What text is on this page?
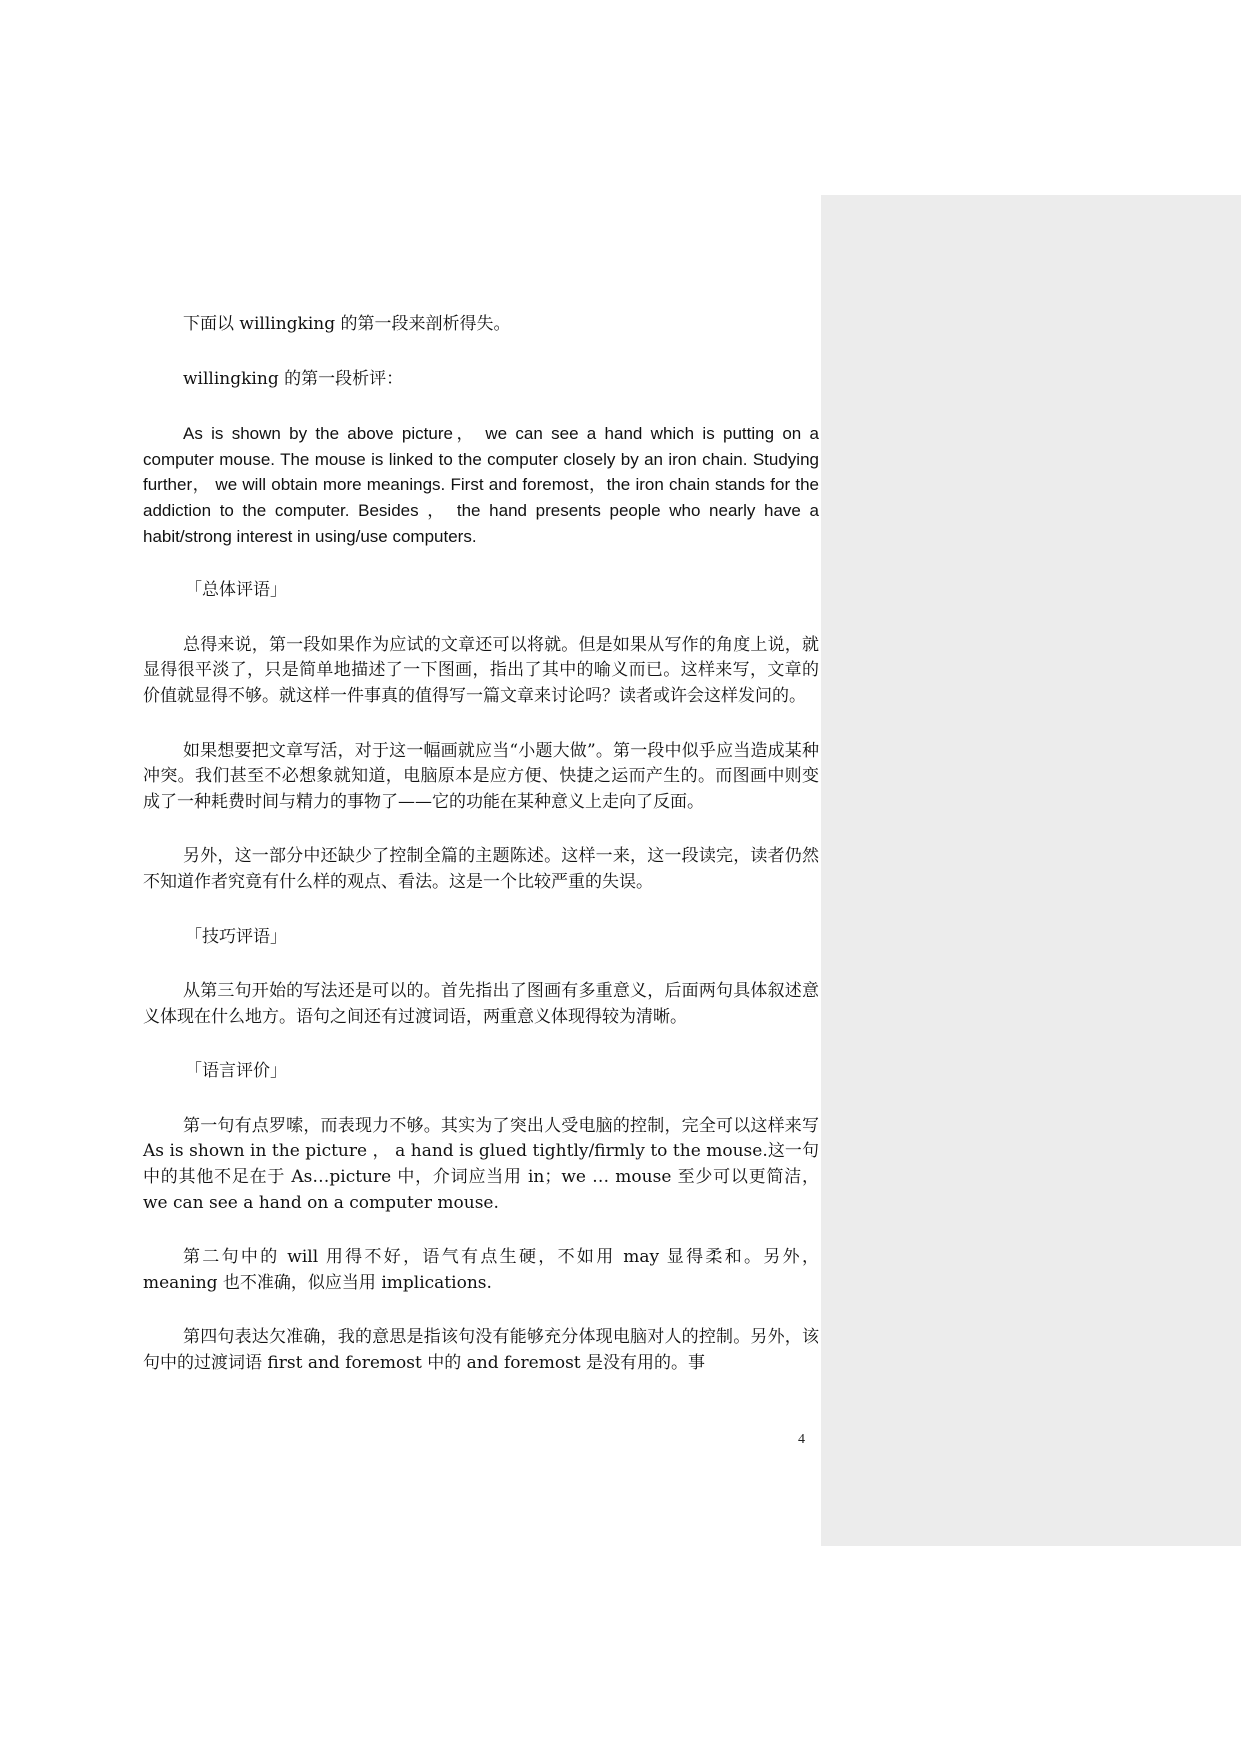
下面以 willingking 的第一段来剖析得失。

willingking 的第一段析评：

As is shown by the above picture， we can see a hand which is putting on a computer mouse. The mouse is linked to the computer closely by an iron chain. Studying further， we will obtain more meanings. First and foremost，the iron chain stands for the addiction to the computer. Besides ， the hand presents people who nearly have a habit/strong interest in using/use computers.

「总体评语」

总得来说，第一段如果作为应试的文章还可以将就。但是如果从写作的角度上说，就显得很平淡了，只是简单地描述了一下图画，指出了其中的喻义而已。这样来写，文章的价值就显得不够。就这样一件事真的值得写一篇文章来讨论吗？读者或许会这样发问的。

如果想要把文章写活，对于这一幅画就应当“小题大做”。第一段中似乎应当造成某种冲突。我们甚至不必想象就知道，电脑原本是应方便、快捷之运而产生的。而图画中则变成了一种耗费时间与精力的事物了——它的功能在某种意义上走向了反面。

另外，这一部分中还缺少了控制全篇的主题陈述。这样一来，这一段读完，读者仍然不知道作者究竟有什么样的观点、看法。这是一个比较严重的失误。

「技巧评语」

从第三句开始的写法还是可以的。首先指出了图画有多重意义，后面两句具体叙述意义体现在什么地方。语句之间还有过渡词语，两重意义体现得较为清晰。

「语言评价」

第一句有点罗嗦，而表现力不够。其实为了突出人受电脑的控制，完全可以这样来写 As is shown in the picture ， a hand is glued tightly/firmly to the mouse.这一句中的其他不足在于 As…picture 中，介词应当用 in；we … mouse 至少可以更简洁，we can see a hand on a computer mouse.

第二句中的 will 用得不好，语气有点生硬，不如用 may 显得柔和。另外，meaning 也不准确，似应当用 implications.

第四句表达欠准确，我的意思是指该句没有能够充分体现电脑对人的控制。另外，该句中的过渡词语 first and foremost 中的 and foremost 是没有用的。事

4
